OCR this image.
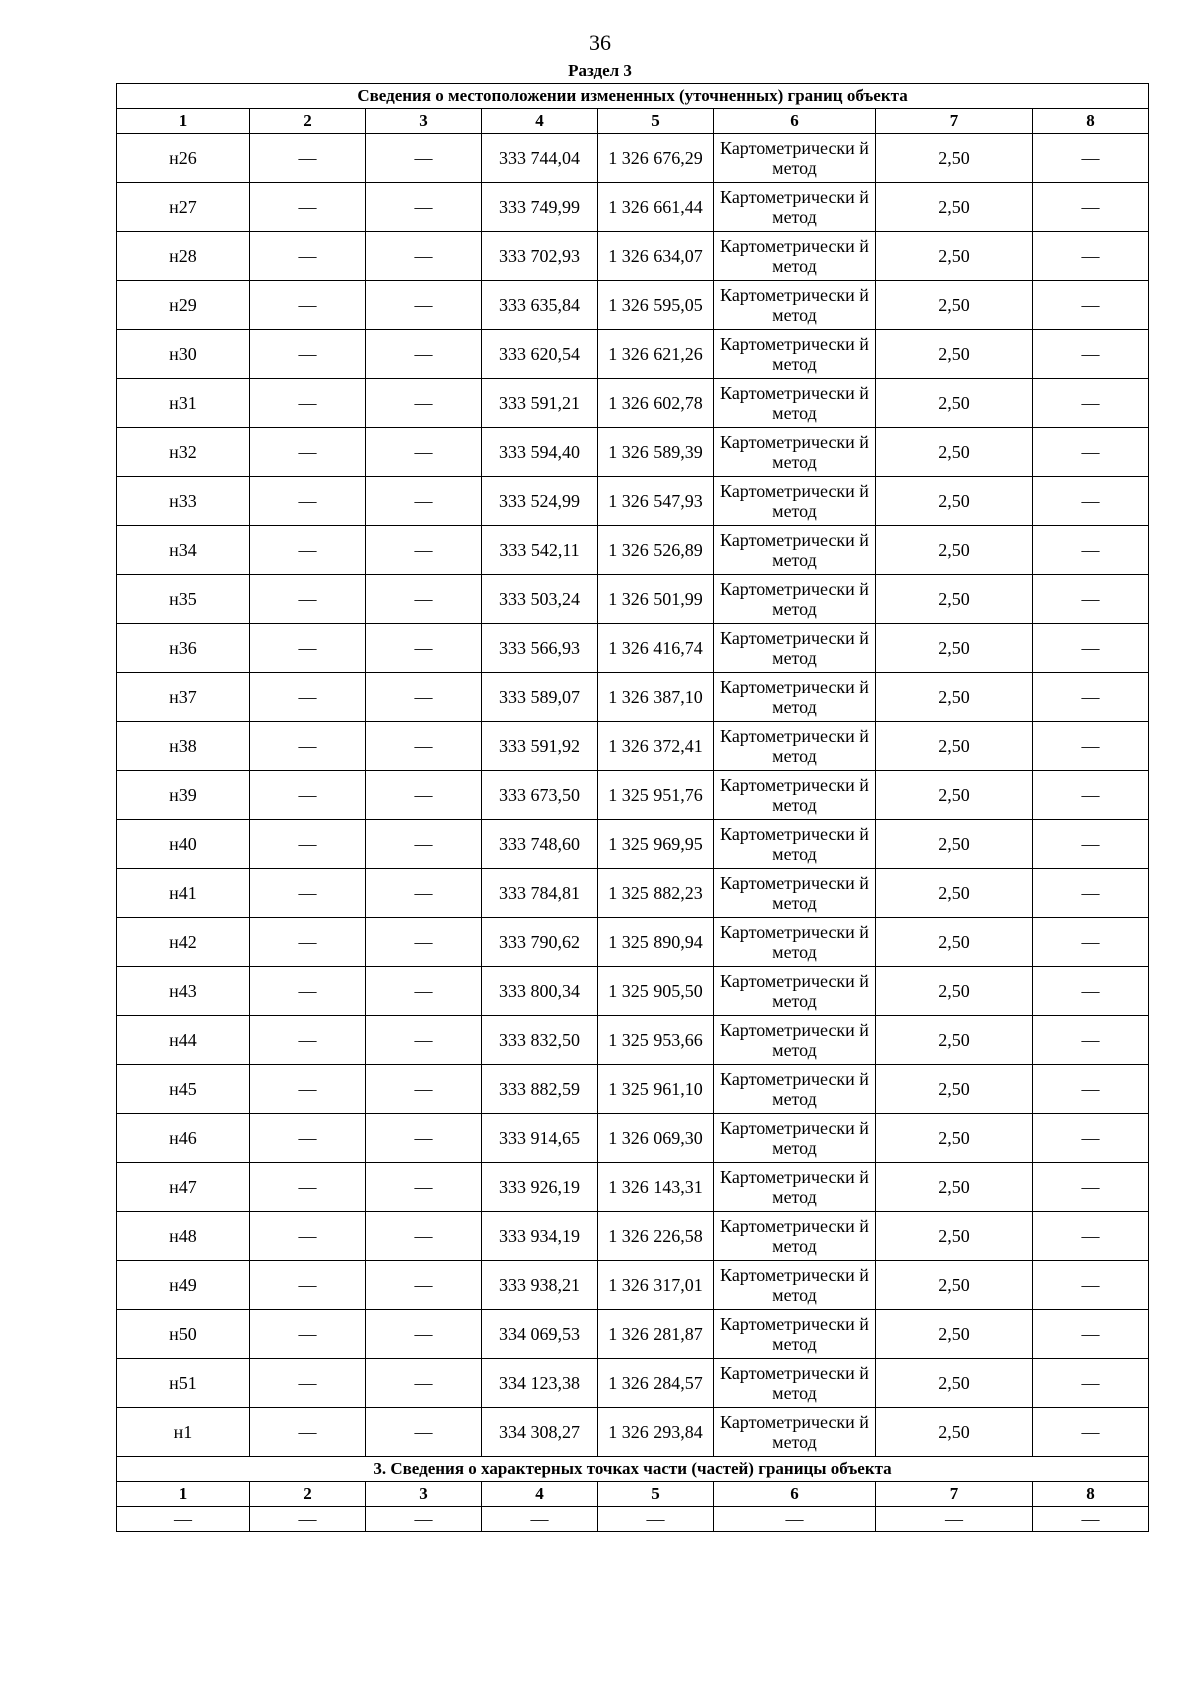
36
Раздел 3
Сведения о местоположении измененных (уточненных) границ объекта							
1	2	3	4	5	6	7	8
н26	—	—	333 744,04	1 326 676,29	Картометрически й метод	2,50	—
н27	—	—	333 749,99	1 326 661,44	Картометрически й метод	2,50	—
н28	—	—	333 702,93	1 326 634,07	Картометрически й метод	2,50	—
н29	—	—	333 635,84	1 326 595,05	Картометрически й метод	2,50	—
н30	—	—	333 620,54	1 326 621,26	Картометрически й метод	2,50	—
н31	—	—	333 591,21	1 326 602,78	Картометрически й метод	2,50	—
н32	—	—	333 594,40	1 326 589,39	Картометрически й метод	2,50	—
н33	—	—	333 524,99	1 326 547,93	Картометрически й метод	2,50	—
н34	—	—	333 542,11	1 326 526,89	Картометрически й метод	2,50	—
н35	—	—	333 503,24	1 326 501,99	Картометрически й метод	2,50	—
н36	—	—	333 566,93	1 326 416,74	Картометрически й метод	2,50	—
н37	—	—	333 589,07	1 326 387,10	Картометрически й метод	2,50	—
н38	—	—	333 591,92	1 326 372,41	Картометрически й метод	2,50	—
н39	—	—	333 673,50	1 325 951,76	Картометрически й метод	2,50	—
н40	—	—	333 748,60	1 325 969,95	Картометрически й метод	2,50	—
н41	—	—	333 784,81	1 325 882,23	Картометрически й метод	2,50	—
н42	—	—	333 790,62	1 325 890,94	Картометрически й метод	2,50	—
н43	—	—	333 800,34	1 325 905,50	Картометрически й метод	2,50	—
н44	—	—	333 832,50	1 325 953,66	Картометрически й метод	2,50	—
н45	—	—	333 882,59	1 325 961,10	Картометрически й метод	2,50	—
н46	—	—	333 914,65	1 326 069,30	Картометрически й метод	2,50	—
н47	—	—	333 926,19	1 326 143,31	Картометрически й метод	2,50	—
н48	—	—	333 934,19	1 326 226,58	Картометрически й метод	2,50	—
н49	—	—	333 938,21	1 326 317,01	Картометрически й метод	2,50	—
н50	—	—	334 069,53	1 326 281,87	Картометрически й метод	2,50	—
н51	—	—	334 123,38	1 326 284,57	Картометрически й метод	2,50	—
н1	—	—	334 308,27	1 326 293,84	Картометрически й метод	2,50	—
3. Сведения о характерных точках части (частей) границы объекта							
1	2	3	4	5	6	7	8
—	—	—	—	—	—	—	—
